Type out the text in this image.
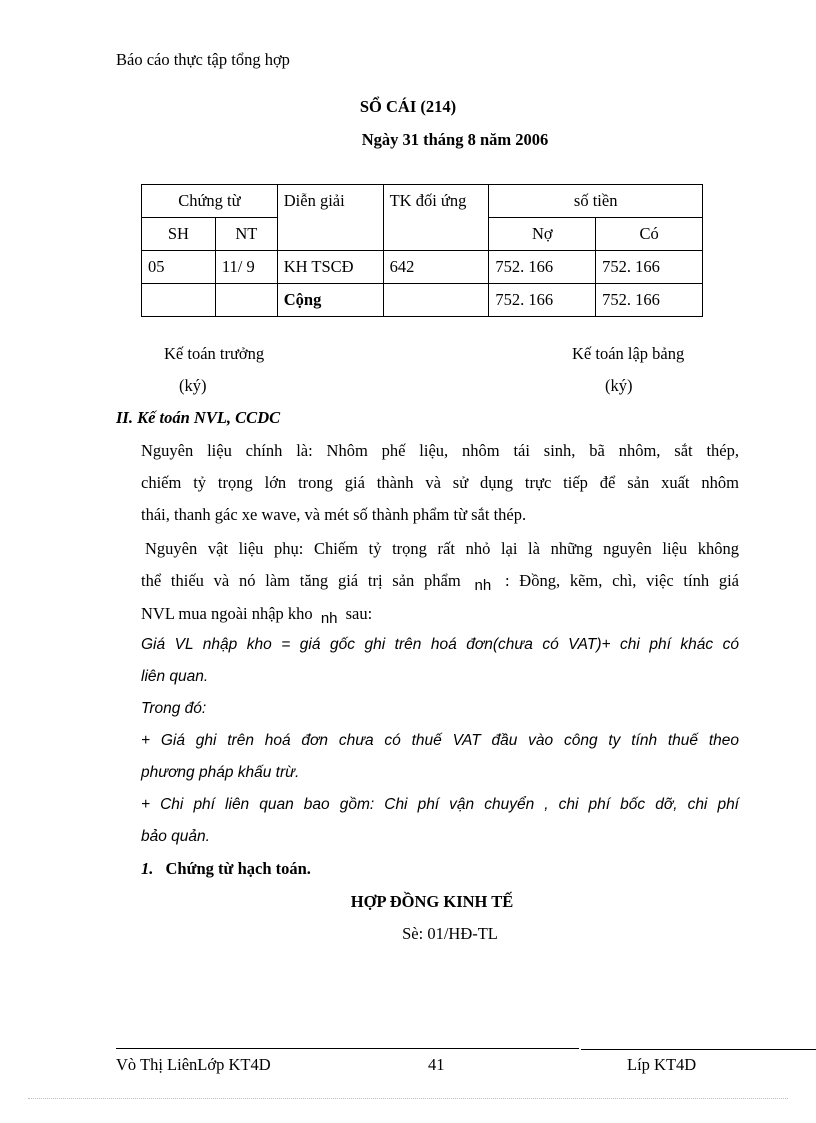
Báo cáo thực tập tổng hợp
SỔ CÁI (214)
Ngày 31 tháng 8 năm 2006
Chứng từ		Diễn giải	TK đối ứng	số tiền	
SH	NT			Nợ	Có
05	11/ 9	KH TSCĐ	642	752. 166	752. 166
		Cộng		752. 166	752. 166
Kế toán trưởng
(ký)
Kế toán lập bảng
(ký)
II. Kế toán NVL, CCDC
Nguyên liệu chính là: Nhôm phế liệu, nhôm tái sinh, bã nhôm, sắt thép,
chiếm tỷ trọng lớn trong giá thành và sử dụng trực tiếp để sản xuất nhôm
thái, thanh gác xe wave, và mét số thành phẩm từ sắt thép.
Nguyên vật liệu phụ: Chiếm tỷ trọng rất nhỏ lại là những nguyên liệu không
thể thiếu và nó làm tăng giá trị sản phẩm nh : Đồng, kẽm, chì, việc tính giá
NVL mua ngoài nhập kho nh sau:
Giá VL nhập kho = giá gốc ghi trên hoá đơn(chưa có VAT)+ chi phí khác có
liên quan.
Trong đó:
+ Giá ghi trên hoá đơn chưa có thuế VAT đầu vào công ty tính thuế theo
phương pháp khấu trừ.
+ Chi phí liên quan bao gồm: Chi phí vận chuyển , chi phí bốc dỡ, chi phí
bảo quản.
1. Chứng từ hạch toán.
HỢP ĐỒNG KINH TẾ
Sè: 01/HĐ-TL
Vò Thị LiênLớp KT4D	41	Líp KT4D
